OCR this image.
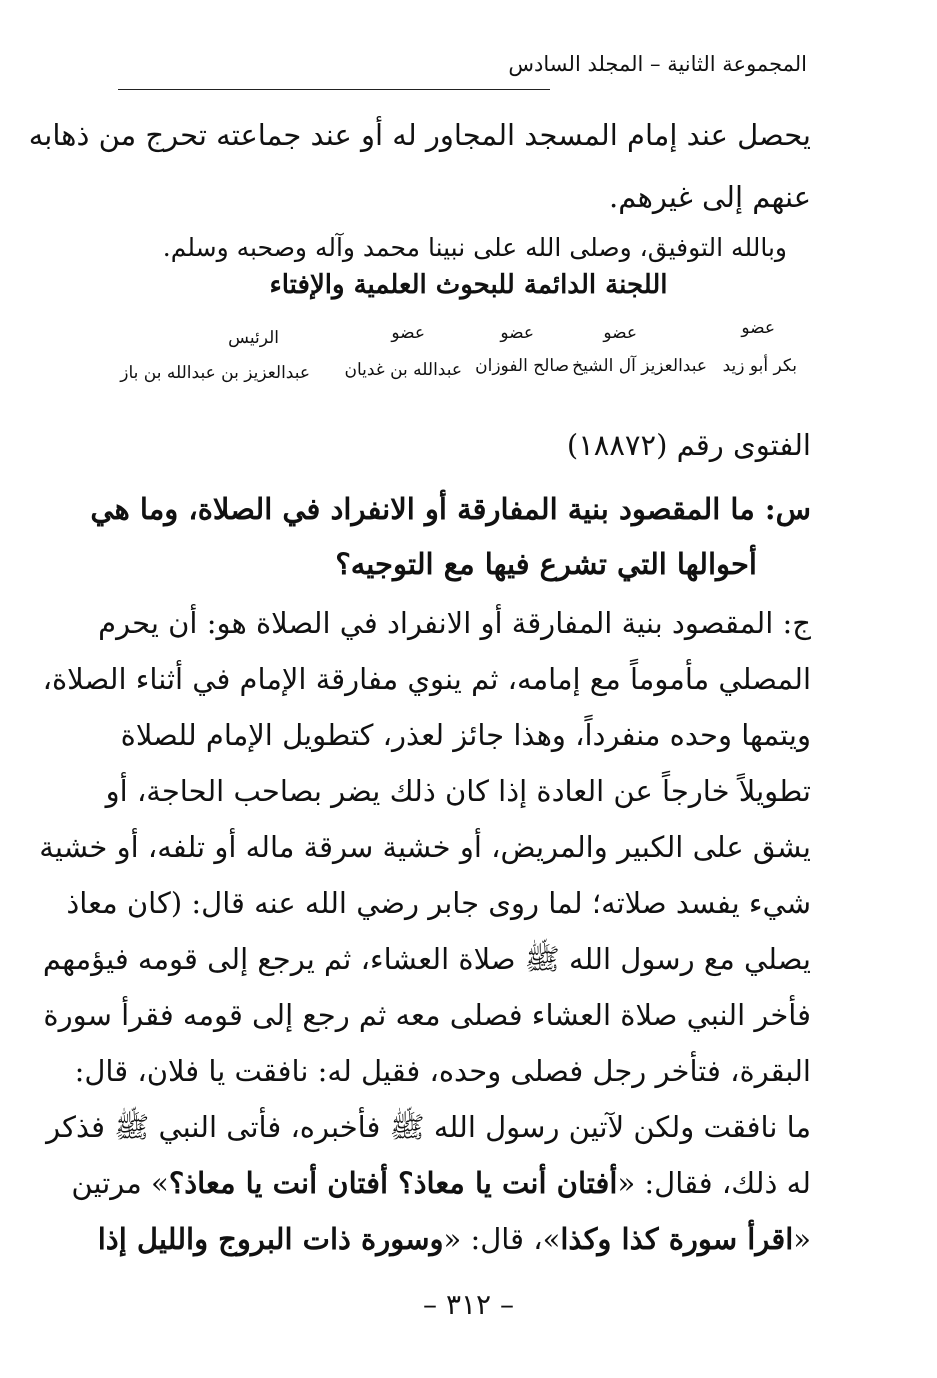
المجموعة الثانية – المجلد السادس
يحصل عند إمام المسجد المجاور له أو عند جماعته تحرج من ذهابه
عنهم إلى غيرهم.
وبالله التوفيق، وصلى الله على نبينا محمد وآله وصحبه وسلم.
اللجنة الدائمة للبحوث العلمية والإفتاء
عضو
عضو
عضو
عضو
الرئيس
بكر أبو زيد
عبدالعزيز آل الشيخ
صالح الفوزان
عبدالله بن غديان
عبدالعزيز بن عبدالله بن باز
الفتوى رقم (١٨٨٧٢)
س: ما المقصود بنية المفارقة أو الانفراد في الصلاة، وما هي
أحوالها التي تشرع فيها مع التوجيه؟
ج: المقصود بنية المفارقة أو الانفراد في الصلاة هو: أن يحرم
المصلي مأموماً مع إمامه، ثم ينوي مفارقة الإمام في أثناء الصلاة،
ويتمها وحده منفرداً، وهذا جائز لعذر، كتطويل الإمام للصلاة
تطويلاً خارجاً عن العادة إذا كان ذلك يضر بصاحب الحاجة، أو
يشق على الكبير والمريض، أو خشية سرقة ماله أو تلفه، أو خشية
شيء يفسد صلاته؛ لما روى جابر رضي الله عنه قال: (كان معاذ
يصلي مع رسول الله ﷺ صلاة العشاء، ثم يرجع إلى قومه فيؤمهم
فأخر النبي صلاة العشاء فصلى معه ثم رجع إلى قومه فقرأ سورة
البقرة، فتأخر رجل فصلى وحده، فقيل له: نافقت يا فلان، قال:
ما نافقت ولكن لآتين رسول الله ﷺ فأخبره، فأتى النبي ﷺ فذكر
له ذلك، فقال: «أفتان أنت يا معاذ؟ أفتان أنت يا معاذ؟» مرتين
«اقرأ سورة كذا وكذا»، قال: «وسورة ذات البروج والليل إذا
– ٣١٢ –
